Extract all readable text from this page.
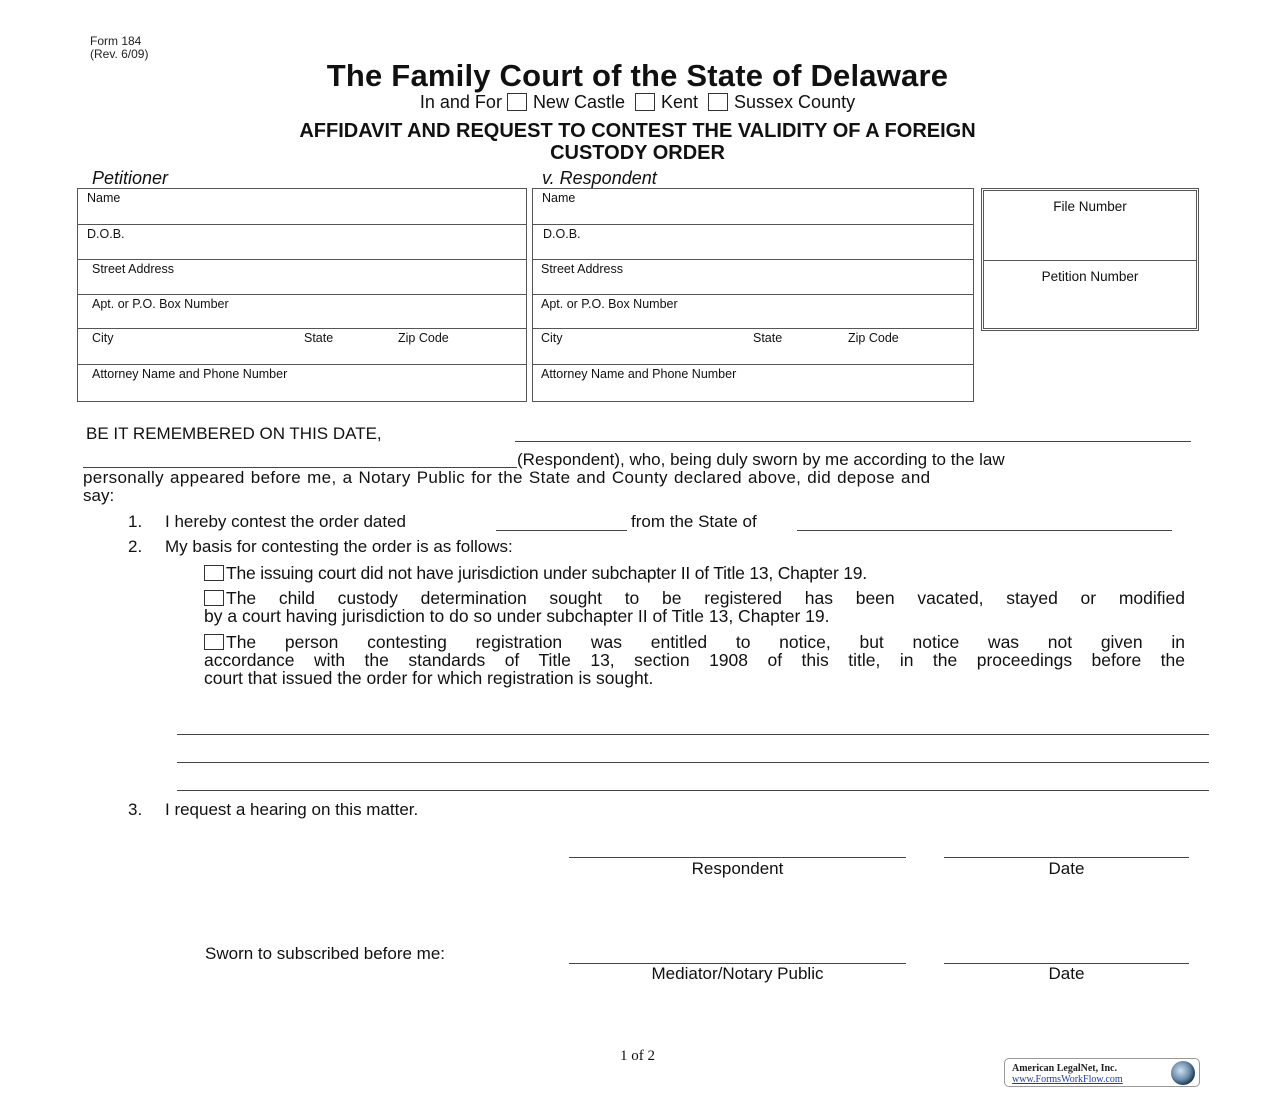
Form 184
(Rev. 6/09)
The Family Court of the State of Delaware
In and For New Castle Kent Sussex County
AFFIDAVIT AND REQUEST TO CONTEST THE VALIDITY OF A FOREIGN
CUSTODY ORDER
Petitioner
Name
D.O.B.
Street Address
Apt. or P.O. Box Number
City	State	Zip Code
Attorney Name and Phone Number
v. Respondent
Name
D.O.B.
Street Address
Apt. or P.O. Box Number
City	State	Zip Code
Attorney Name and Phone Number
File Number
Petition Number
BE IT REMEMBERED ON THIS DATE,
(Respondent), who, being duly sworn by me according to the law
personally appeared before me, a Notary Public for the State and County declared above, did depose and
say:
1. I hereby contest the order dated	from the State of
2. My basis for contesting the order is as follows:
The issuing court did not have jurisdiction under subchapter II of Title 13, Chapter 19.
The child custody determination sought to be registered has been vacated, stayed or modified
by a court having jurisdiction to do so under subchapter II of Title 13, Chapter 19.
The person contesting registration was entitled to notice, but notice was not given in
accordance with the standards of Title 13, section 1908 of this title, in the proceedings before the
court that issued the order for which registration is sought.
3. I request a hearing on this matter.
Respondent	Date
Sworn to subscribed before me:
Mediator/Notary Public	Date
1 of 2
American LegalNet, Inc.
www.FormsWorkFlow.com
